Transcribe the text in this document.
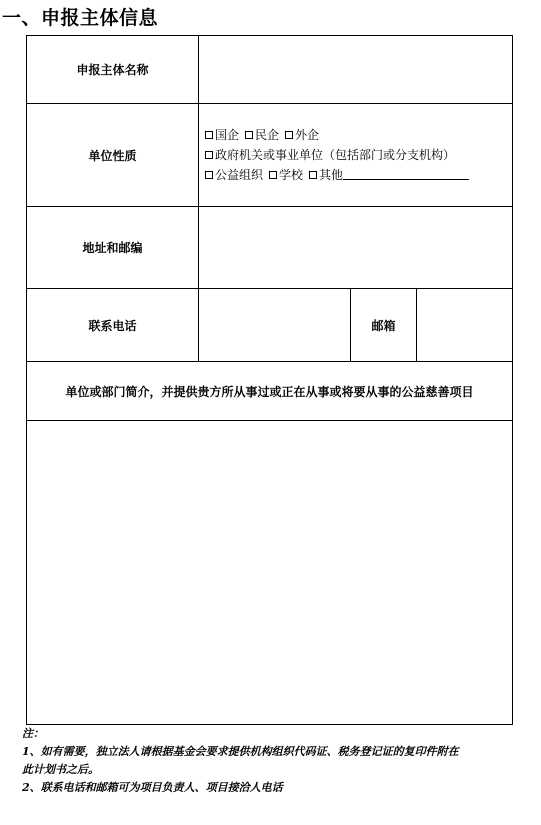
一、申报主体信息
申报主体名称			
单位性质	国企 民企 外企
政府机关或事业单位（包括部门或分支机构）
公益组织 学校 其他		

地址和邮编			
联系电话		邮箱	
单位或部门简介，并提供贵方所从事过或正在从事或将要从事的公益慈善项目			

注：
1、如有需要，独立法人请根据基金会要求提供机构组织代码证、税务登记证的复印件附在
此计划书之后。
2、联系电话和邮箱可为项目负责人、项目接洽人电话
